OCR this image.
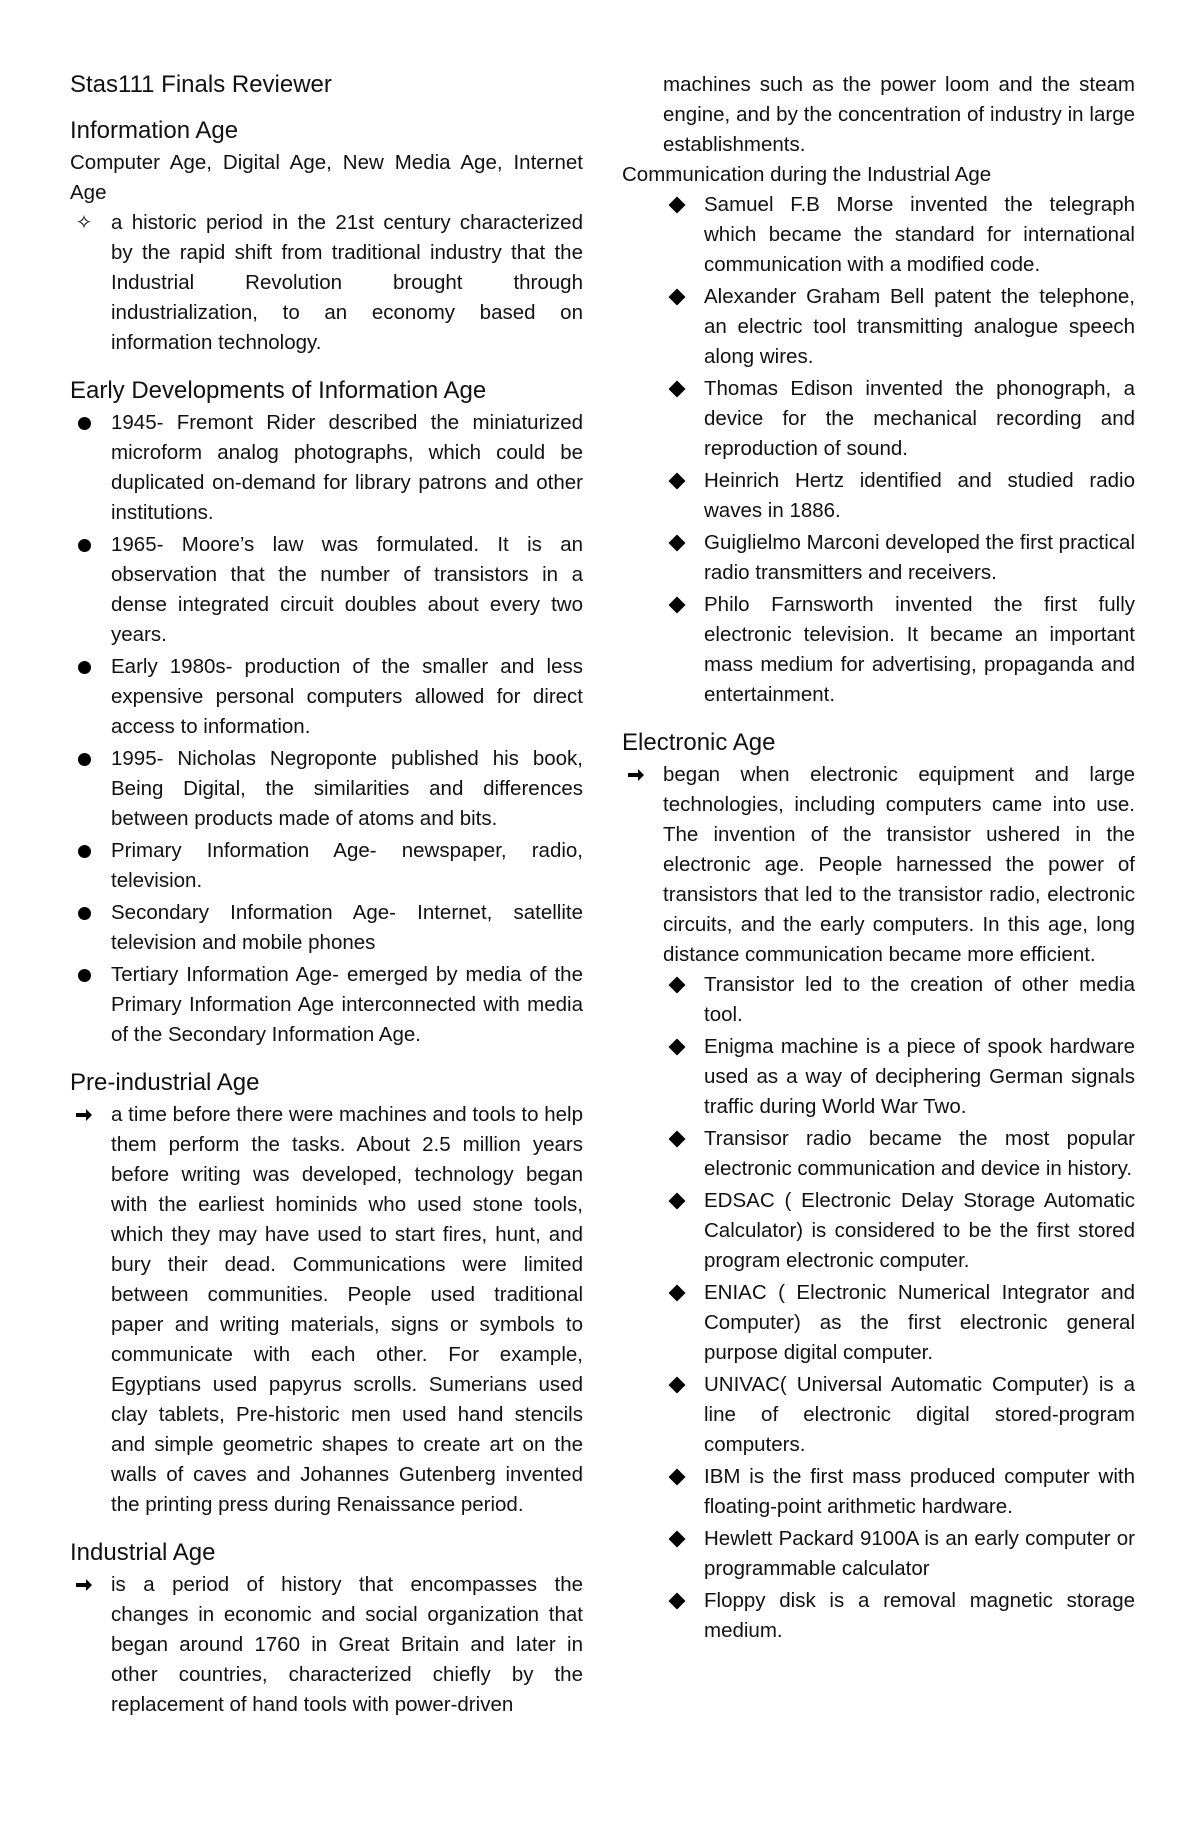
Stas111 Finals Reviewer
Information Age
Computer Age, Digital Age, New Media Age, Internet Age
✧ a historic period in the 21st century characterized by the rapid shift from traditional industry that the Industrial Revolution brought through industrialization, to an economy based on information technology.
Early Developments of Information Age
1945- Fremont Rider described the miniaturized microform analog photographs, which could be duplicated on-demand for library patrons and other institutions.
1965- Moore’s law was formulated. It is an observation that the number of transistors in a dense integrated circuit doubles about every two years.
Early 1980s- production of the smaller and less expensive personal computers allowed for direct access to information.
1995- Nicholas Negroponte published his book, Being Digital, the similarities and differences between products made of atoms and bits.
Primary Information Age- newspaper, radio, television.
Secondary Information Age- Internet, satellite television and mobile phones
Tertiary Information Age- emerged by media of the Primary Information Age interconnected with media of the Secondary Information Age.
Pre-industrial Age
a time before there were machines and tools to help them perform the tasks. About 2.5 million years before writing was developed, technology began with the earliest hominids who used stone tools, which they may have used to start fires, hunt, and bury their dead. Communications were limited between communities. People used traditional paper and writing materials, signs or symbols to communicate with each other. For example, Egyptians used papyrus scrolls. Sumerians used clay tablets, Pre-historic men used hand stencils and simple geometric shapes to create art on the walls of caves and Johannes Gutenberg invented the printing press during Renaissance period.
Industrial Age
is a period of history that encompasses the changes in economic and social organization that began around 1760 in Great Britain and later in other countries, characterized chiefly by the replacement of hand tools with power-driven
machines such as the power loom and the steam engine, and by the concentration of industry in large establishments.
Communication during the Industrial Age
Samuel F.B Morse invented the telegraph which became the standard for international communication with a modified code.
Alexander Graham Bell patent the telephone, an electric tool transmitting analogue speech along wires.
Thomas Edison invented the phonograph, a device for the mechanical recording and reproduction of sound.
Heinrich Hertz identified and studied radio waves in 1886.
Guiglielmo Marconi developed the first practical radio transmitters and receivers.
Philo Farnsworth invented the first fully electronic television. It became an important mass medium for advertising, propaganda and entertainment.
Electronic Age
began when electronic equipment and large technologies, including computers came into use. The invention of the transistor ushered in the electronic age. People harnessed the power of transistors that led to the transistor radio, electronic circuits, and the early computers. In this age, long distance communication became more efficient.
Transistor led to the creation of other media tool.
Enigma machine is a piece of spook hardware used as a way of deciphering German signals traffic during World War Two.
Transisor radio became the most popular electronic communication and device in history.
EDSAC ( Electronic Delay Storage Automatic Calculator) is considered to be the first stored program electronic computer.
ENIAC ( Electronic Numerical Integrator and Computer) as the first electronic general purpose digital computer.
UNIVAC( Universal Automatic Computer) is a line of electronic digital stored-program computers.
IBM is the first mass produced computer with floating-point arithmetic hardware.
Hewlett Packard 9100A is an early computer or programmable calculator
Floppy disk is a removal magnetic storage medium.
